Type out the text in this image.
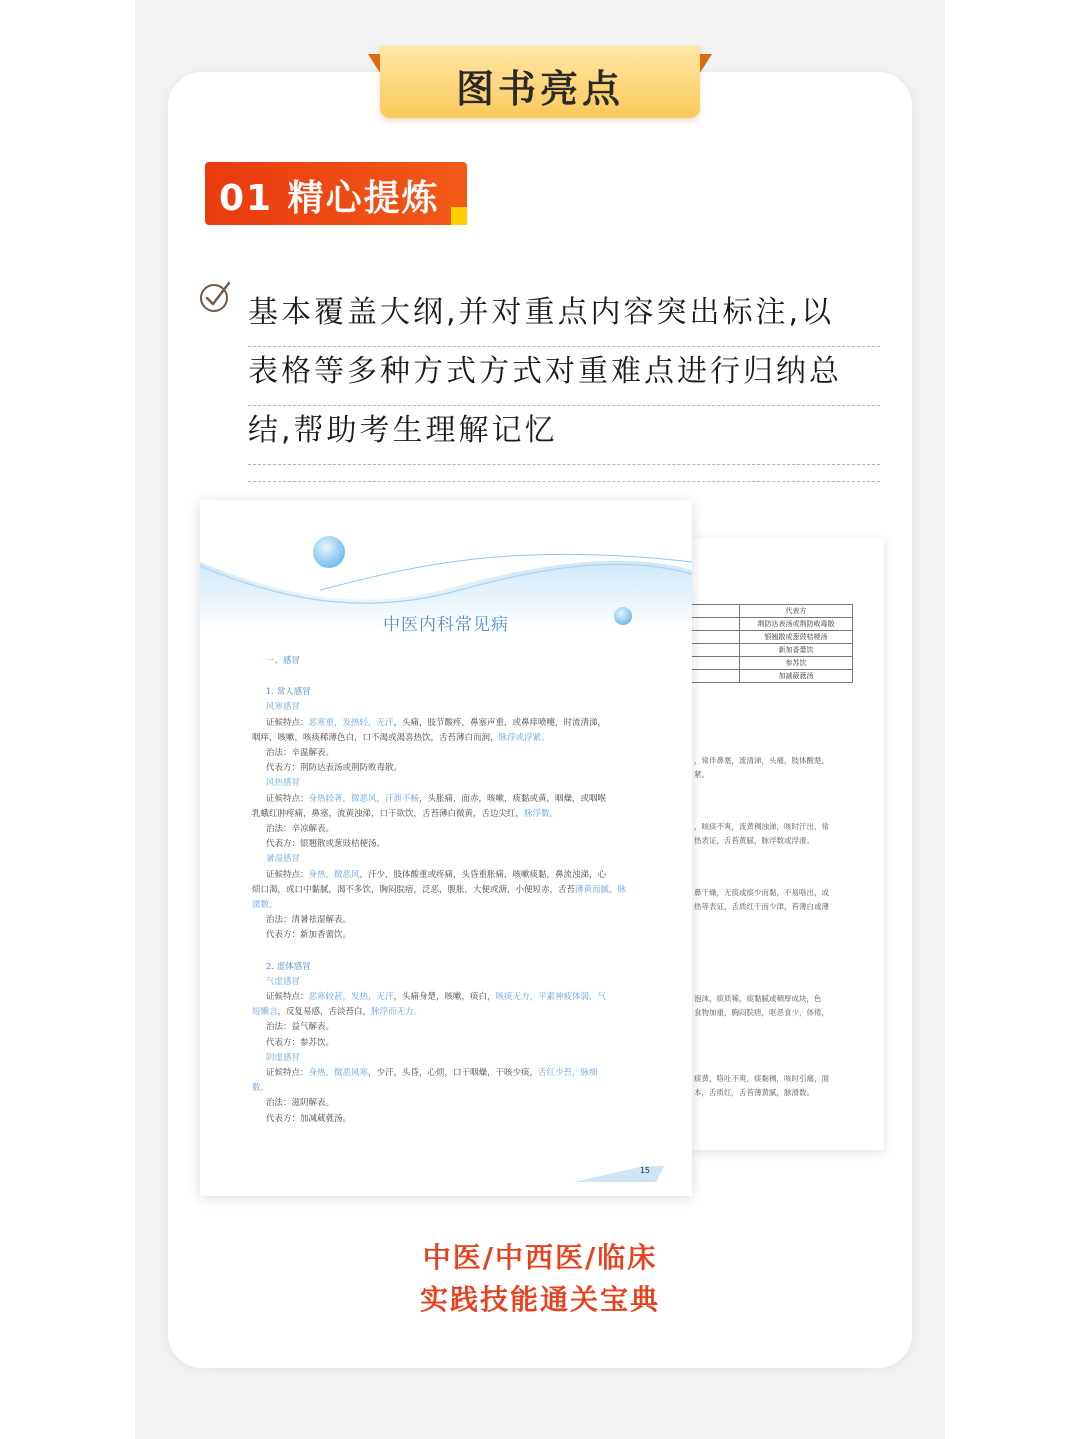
图书亮点
01 精心提炼
基本覆盖大纲,并对重点内容突出标注,以
表格等多种方式方式对重难点进行归纳总
结,帮助考生理解记忆
	代表方
	荆防达表汤或荆防败毒散
	银翘散或葱豉桔梗汤
	新加香薷饮
	参苏饮
	加减葳蕤汤
，常伴鼻塞，流清涕，头痛，肢体酸楚，
紧。
，咳痰不爽，流黄稠浊涕，咳时汗出，常
热表证，舌苔黄腻，脉浮数或浮滑。
鼻干燥，无痰或痰少而黏，不易咯出，或
热等表证，舌质红干而少津，苔薄白或薄
泡沫，痰质稀，痰黏腻或稠厚成块，色
食物加重，胸闷脘痞，呕恶食少，体倦，
痰黄，咯吐不爽，痰黏稠，咳时引痛，面
本，舌质红，舌苔薄黄腻，脉滑数。
中医内科常见病
一、感冒
1. 常人感冒
风寒感冒
证候特点：恶寒重，发热轻，无汗，头痛，肢节酸疼，鼻塞声重，或鼻痒喷嚏，时流清涕，
咽痒，咳嗽，咳痰稀薄色白，口不渴或渴喜热饮，舌苔薄白而润，脉浮或浮紧。
治法：辛温解表。
代表方：荆防达表汤或荆防败毒散。
风热感冒
证候特点：身热较著，微恶风，汗泄不畅，头胀痛，面赤，咳嗽，痰黏或黄，咽燥，或咽喉
乳蛾红肿疼痛，鼻塞，流黄浊涕，口干欲饮，舌苔薄白微黄，舌边尖红，脉浮数。
治法：辛凉解表。
代表方：银翘散或葱豉桔梗汤。
暑湿感冒
证候特点：身热，微恶风，汗少，肢体酸重或疼痛，头昏重胀痛，咳嗽痰黏，鼻流浊涕，心
烦口渴，或口中黏腻，渴不多饮，胸闷脘痞，泛恶，腹胀，大便或溏，小便短赤，舌苔薄黄而腻，脉
濡数。
治法：清暑祛湿解表。
代表方：新加香薷饮。
2. 虚体感冒
气虚感冒
证候特点：恶寒较甚，发热，无汗，头痛身楚，咳嗽，痰白，咳痰无力，平素神疲体弱，气
短懒言，反复易感，舌淡苔白，脉浮而无力。
治法：益气解表。
代表方：参苏饮。
阴虚感冒
证候特点：身热，微恶风寒，少汗，头昏，心烦，口干咽燥，干咳少痰，舌红少苔，脉细
数。
治法：滋阴解表。
代表方：加减葳蕤汤。
15
中医/中西医/临床
实践技能通关宝典
